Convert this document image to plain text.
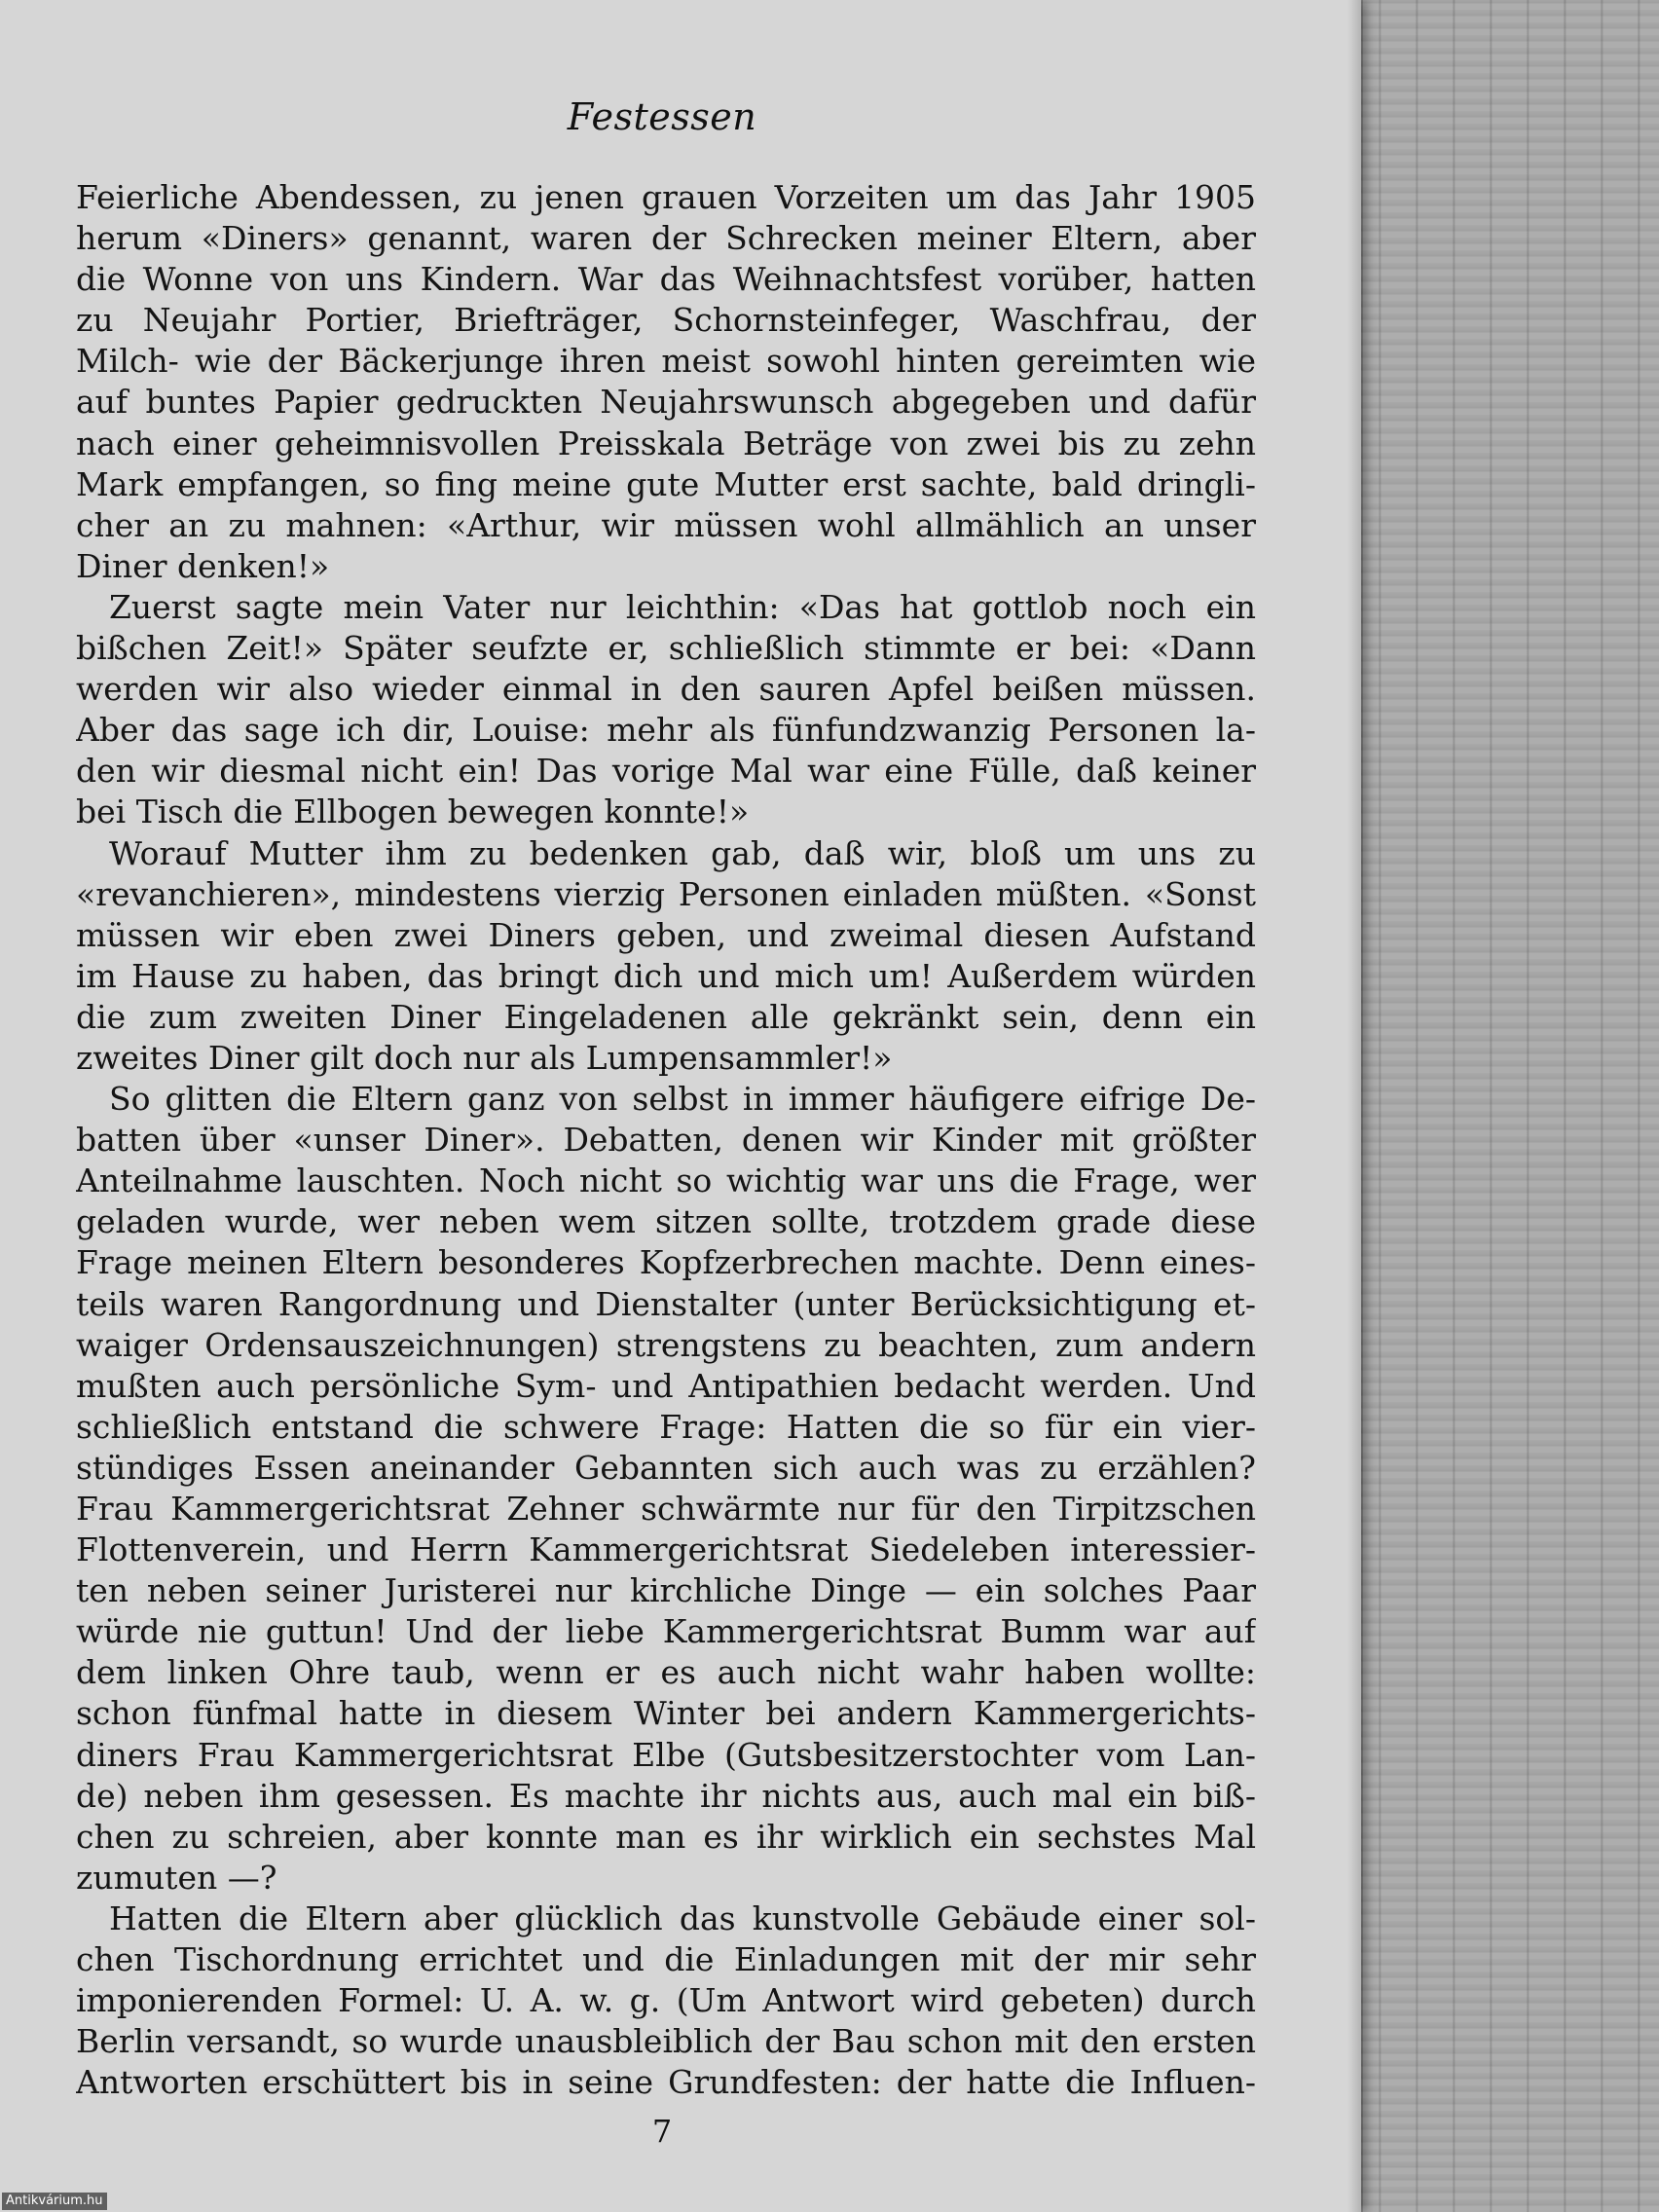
Festessen
Feierliche Abendessen, zu jenen grauen Vorzeiten um das Jahr 1905
herum «Diners» genannt, waren der Schrecken meiner Eltern, aber
die Wonne von uns Kindern. War das Weihnachtsfest vorüber, hatten
zu Neujahr Portier, Briefträger, Schornsteinfeger, Waschfrau, der
Milch- wie der Bäckerjunge ihren meist sowohl hinten gereimten wie
auf buntes Papier gedruckten Neujahrswunsch abgegeben und dafür
nach einer geheimnisvollen Preisskala Beträge von zwei bis zu zehn
Mark empfangen, so fing meine gute Mutter erst sachte, bald dringli-
cher an zu mahnen: «Arthur, wir müssen wohl allmählich an unser
Diner denken!»
Zuerst sagte mein Vater nur leichthin: «Das hat gottlob noch ein
bißchen Zeit!» Später seufzte er, schließlich stimmte er bei: «Dann
werden wir also wieder einmal in den sauren Apfel beißen müssen.
Aber das sage ich dir, Louise: mehr als fünfundzwanzig Personen la-
den wir diesmal nicht ein! Das vorige Mal war eine Fülle, daß keiner
bei Tisch die Ellbogen bewegen konnte!»
Worauf Mutter ihm zu bedenken gab, daß wir, bloß um uns zu
«revanchieren», mindestens vierzig Personen einladen müßten. «Sonst
müssen wir eben zwei Diners geben, und zweimal diesen Aufstand
im Hause zu haben, das bringt dich und mich um! Außerdem würden
die zum zweiten Diner Eingeladenen alle gekränkt sein, denn ein
zweites Diner gilt doch nur als Lumpensammler!»
So glitten die Eltern ganz von selbst in immer häufigere eifrige De-
batten über «unser Diner». Debatten, denen wir Kinder mit größter
Anteilnahme lauschten. Noch nicht so wichtig war uns die Frage, wer
geladen wurde, wer neben wem sitzen sollte, trotzdem grade diese
Frage meinen Eltern besonderes Kopfzerbrechen machte. Denn eines-
teils waren Rangordnung und Dienstalter (unter Berücksichtigung et-
waiger Ordensauszeichnungen) strengstens zu beachten, zum andern
mußten auch persönliche Sym- und Antipathien bedacht werden. Und
schließlich entstand die schwere Frage: Hatten die so für ein vier-
stündiges Essen aneinander Gebannten sich auch was zu erzählen?
Frau Kammergerichtsrat Zehner schwärmte nur für den Tirpitzschen
Flottenverein, und Herrn Kammergerichtsrat Siedeleben interessier-
ten neben seiner Juristerei nur kirchliche Dinge — ein solches Paar
würde nie guttun! Und der liebe Kammergerichtsrat Bumm war auf
dem linken Ohre taub, wenn er es auch nicht wahr haben wollte:
schon fünfmal hatte in diesem Winter bei andern Kammergerichts-
diners Frau Kammergerichtsrat Elbe (Gutsbesitzerstochter vom Lan-
de) neben ihm gesessen. Es machte ihr nichts aus, auch mal ein biß-
chen zu schreien, aber konnte man es ihr wirklich ein sechstes Mal
zumuten —?
Hatten die Eltern aber glücklich das kunstvolle Gebäude einer sol-
chen Tischordnung errichtet und die Einladungen mit der mir sehr
imponierenden Formel: U. A. w. g. (Um Antwort wird gebeten) durch
Berlin versandt, so wurde unausbleiblich der Bau schon mit den ersten
Antworten erschüttert bis in seine Grundfesten: der hatte die Influen-
7
Antikvárium.hu
